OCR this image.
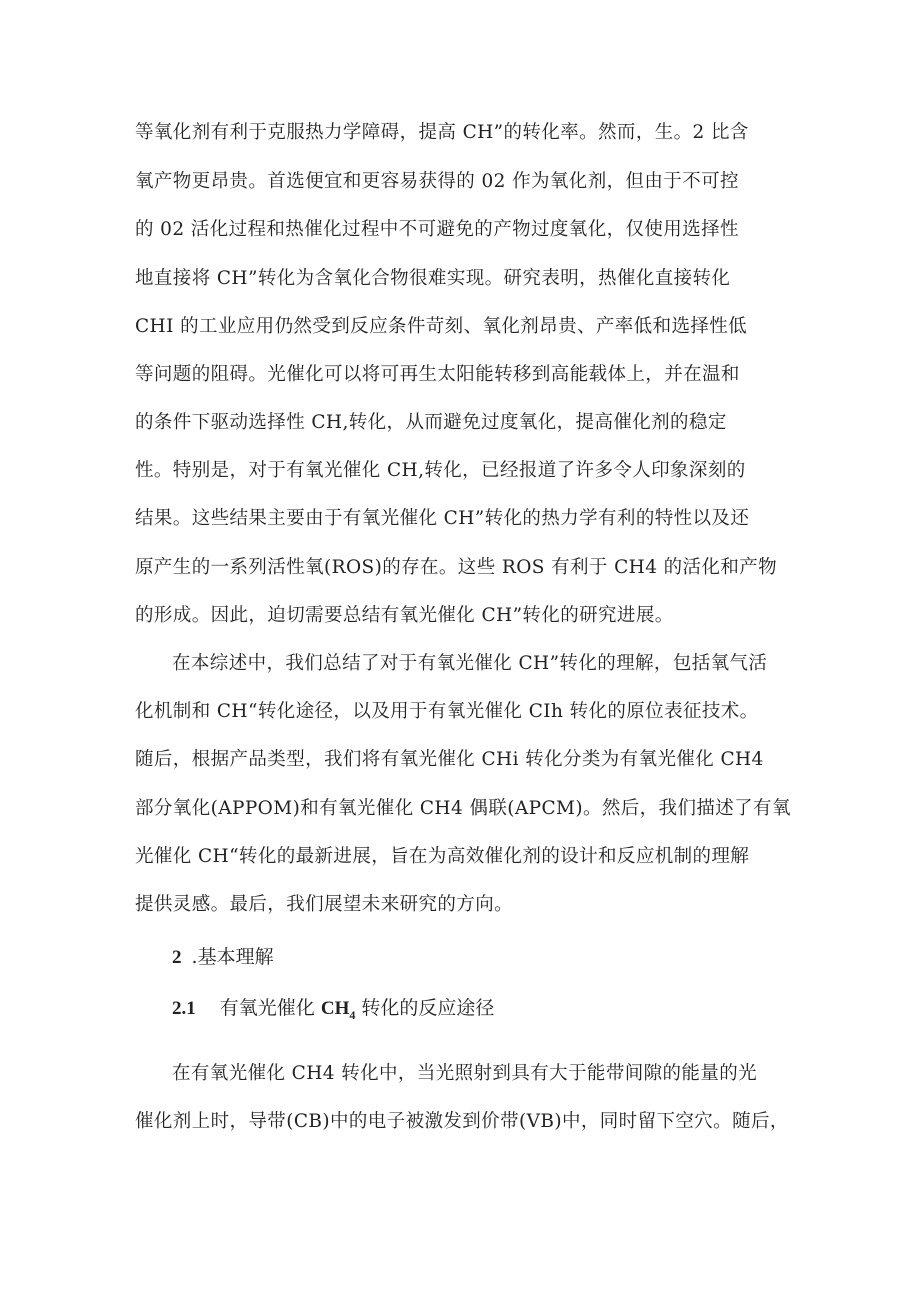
等氧化剂有利于克服热力学障碍，提高 CH”的转化率。然而，生。2 比含
氧产物更昂贵。首选便宜和更容易获得的 02 作为氧化剂，但由于不可控
的 02 活化过程和热催化过程中不可避免的产物过度氧化，仅使用选择性
地直接将 CH”转化为含氧化合物很难实现。研究表明，热催化直接转化
CHI 的工业应用仍然受到反应条件苛刻、氧化剂昂贵、产率低和选择性低
等问题的阻碍。光催化可以将可再生太阳能转移到高能载体上，并在温和
的条件下驱动选择性 CH,转化，从而避免过度氧化，提高催化剂的稳定
性。特别是，对于有氧光催化 CH,转化，已经报道了许多令人印象深刻的
结果。这些结果主要由于有氧光催化 CH”转化的热力学有利的特性以及还
原产生的一系列活性氧(ROS)的存在。这些 ROS 有利于 CH4 的活化和产物
的形成。因此，迫切需要总结有氧光催化 CH”转化的研究进展。
在本综述中，我们总结了对于有氧光催化 CH”转化的理解，包括氧气活
化机制和 CH“转化途径，以及用于有氧光催化 CIh 转化的原位表征技术。
随后，根据产品类型，我们将有氧光催化 CHi 转化分类为有氧光催化 CH4
部分氧化(APPOM)和有氧光催化 CH4 偶联(APCM)。然后，我们描述了有氧
光催化 CH“转化的最新进展，旨在为高效催化剂的设计和反应机制的理解
提供灵感。最后，我们展望未来研究的方向。
2 .基本理解
2.1 有氧光催化 $CH_4$ 转化的反应途径
在有氧光催化 CH4 转化中，当光照射到具有大于能带间隙的能量的光
催化剂上时，导带(CB)中的电子被激发到价带(VB)中，同时留下空穴。随后，
